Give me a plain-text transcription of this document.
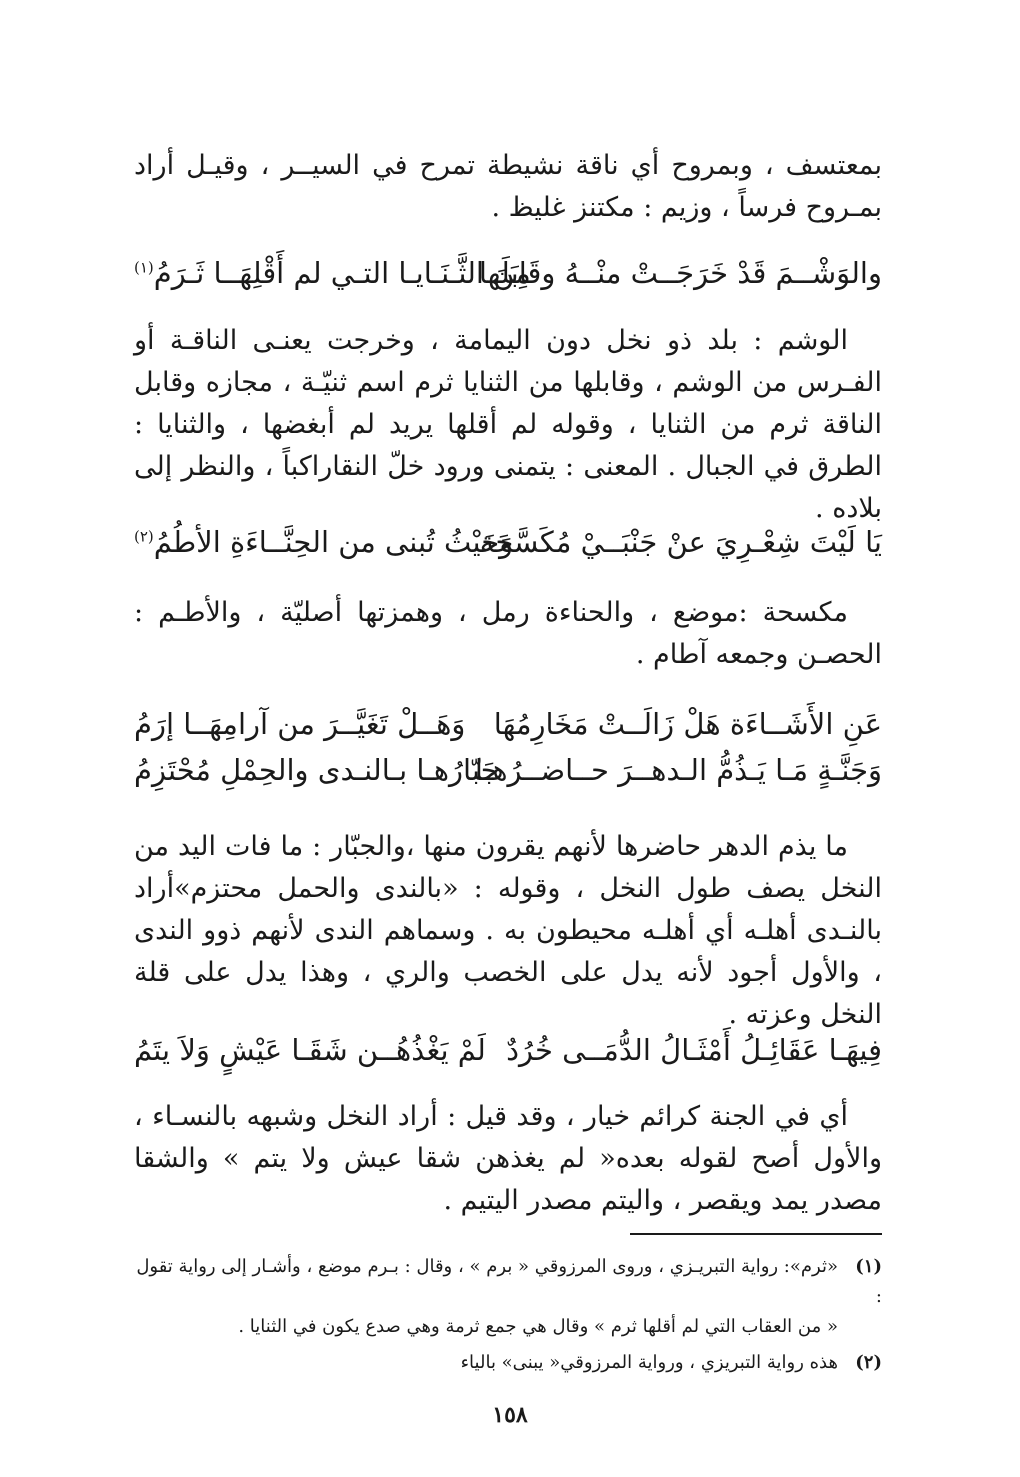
بمعتسف ، وبمروح أي ناقة نشيطة تمرح في السيــر ، وقيـل أراد بمـروح فرساً ، وزيم : مكتنز غليظ .
والوَشْــمَ قَدْ خَرَجَــتْ منْــهُ وقَابَلَها
مِنَ الثَّـنَـايـا التـي لم أَقْلِهَــا ثَـرَمُ$^{(١)}$
الوشم : بلد ذو نخل دون اليمامة ، وخرجت يعنـى الناقـة أو الفـرس من الوشم ، وقابلها من الثنايا ثرم اسم ثنيّـة ، مجازه وقابل الناقة ثرم من الثنايا ، وقوله لم أقلها يريد لم أبغضها ، والثنايا : الطرق في الجبال . المعنى : يتمنى ورود خلّ النقاراكباً ، والنظر إلى بلاده .
يَا لَيْتَ شِعْـرِيَ عنْ جَنْبَــيْ مُكَسَّحَة
وَحَيْثُ تُبنى من الحِنَّــاءَةِ الأطُمُ$^{(٢)}$
مكسحة :موضع ، والحناءة رمل ، وهمزتها أصليّة ، والأطـم : الحصـن وجمعه آطام .
عَنِ الأَشَــاءَة هَلْ زَالَــتْ مَخَارِمُهَا
وَهَــلْ تَغَيَّــرَ من آرامِهَــا إرَمُ
وَجَنَّـةٍ مَـا يَـذُمُّ الـدهــرَ حــاضــرُهـا
جَبّارُهـا بـالنـدى والحِمْلِ مُحْتَزِمُ
ما يذم الدهر حاضرها لأنهم يقرون منها ،والجبّار : ما فات اليد من النخل يصف طول النخل ، وقوله : «بالندى والحمل محتزم»أراد بالنـدى أهلـه أي أهلـه محيطون به . وسماهم الندى لأنهم ذوو الندى ، والأول أجود لأنه يدل على الخصب والري ، وهذا يدل على قلة النخل وعزته .
فِيهَـا عَقَائِـلُ أَمْثَـالُ الدُّمَــى خُرُدٌ
لَمْ يَغْذُهُــن شَقَـا عَيْشٍ وَلاَ يتَمُ
أي في الجنة كرائم خيار ، وقد قيل : أراد النخل وشبهه بالنسـاء ، والأول أصح لقوله بعده« لم يغذهن شقا عيش ولا يتم » والشقا مصدر يمد ويقصر ، واليتم مصدر اليتيم .
(١)«ثرم»: رواية التبريـزي ، وروى المرزوقي « برم » ، وقال : بـرم موضع ، وأشـار إلى رواية تقول :
« من العقاب التي لم أقلها ثرم » وقال هي جمع ثرمة وهي صدع يكون في الثنايا .
(٢)هذه رواية التبريزي ، ورواية المرزوقي« يبنى» بالياء
١٥٨
